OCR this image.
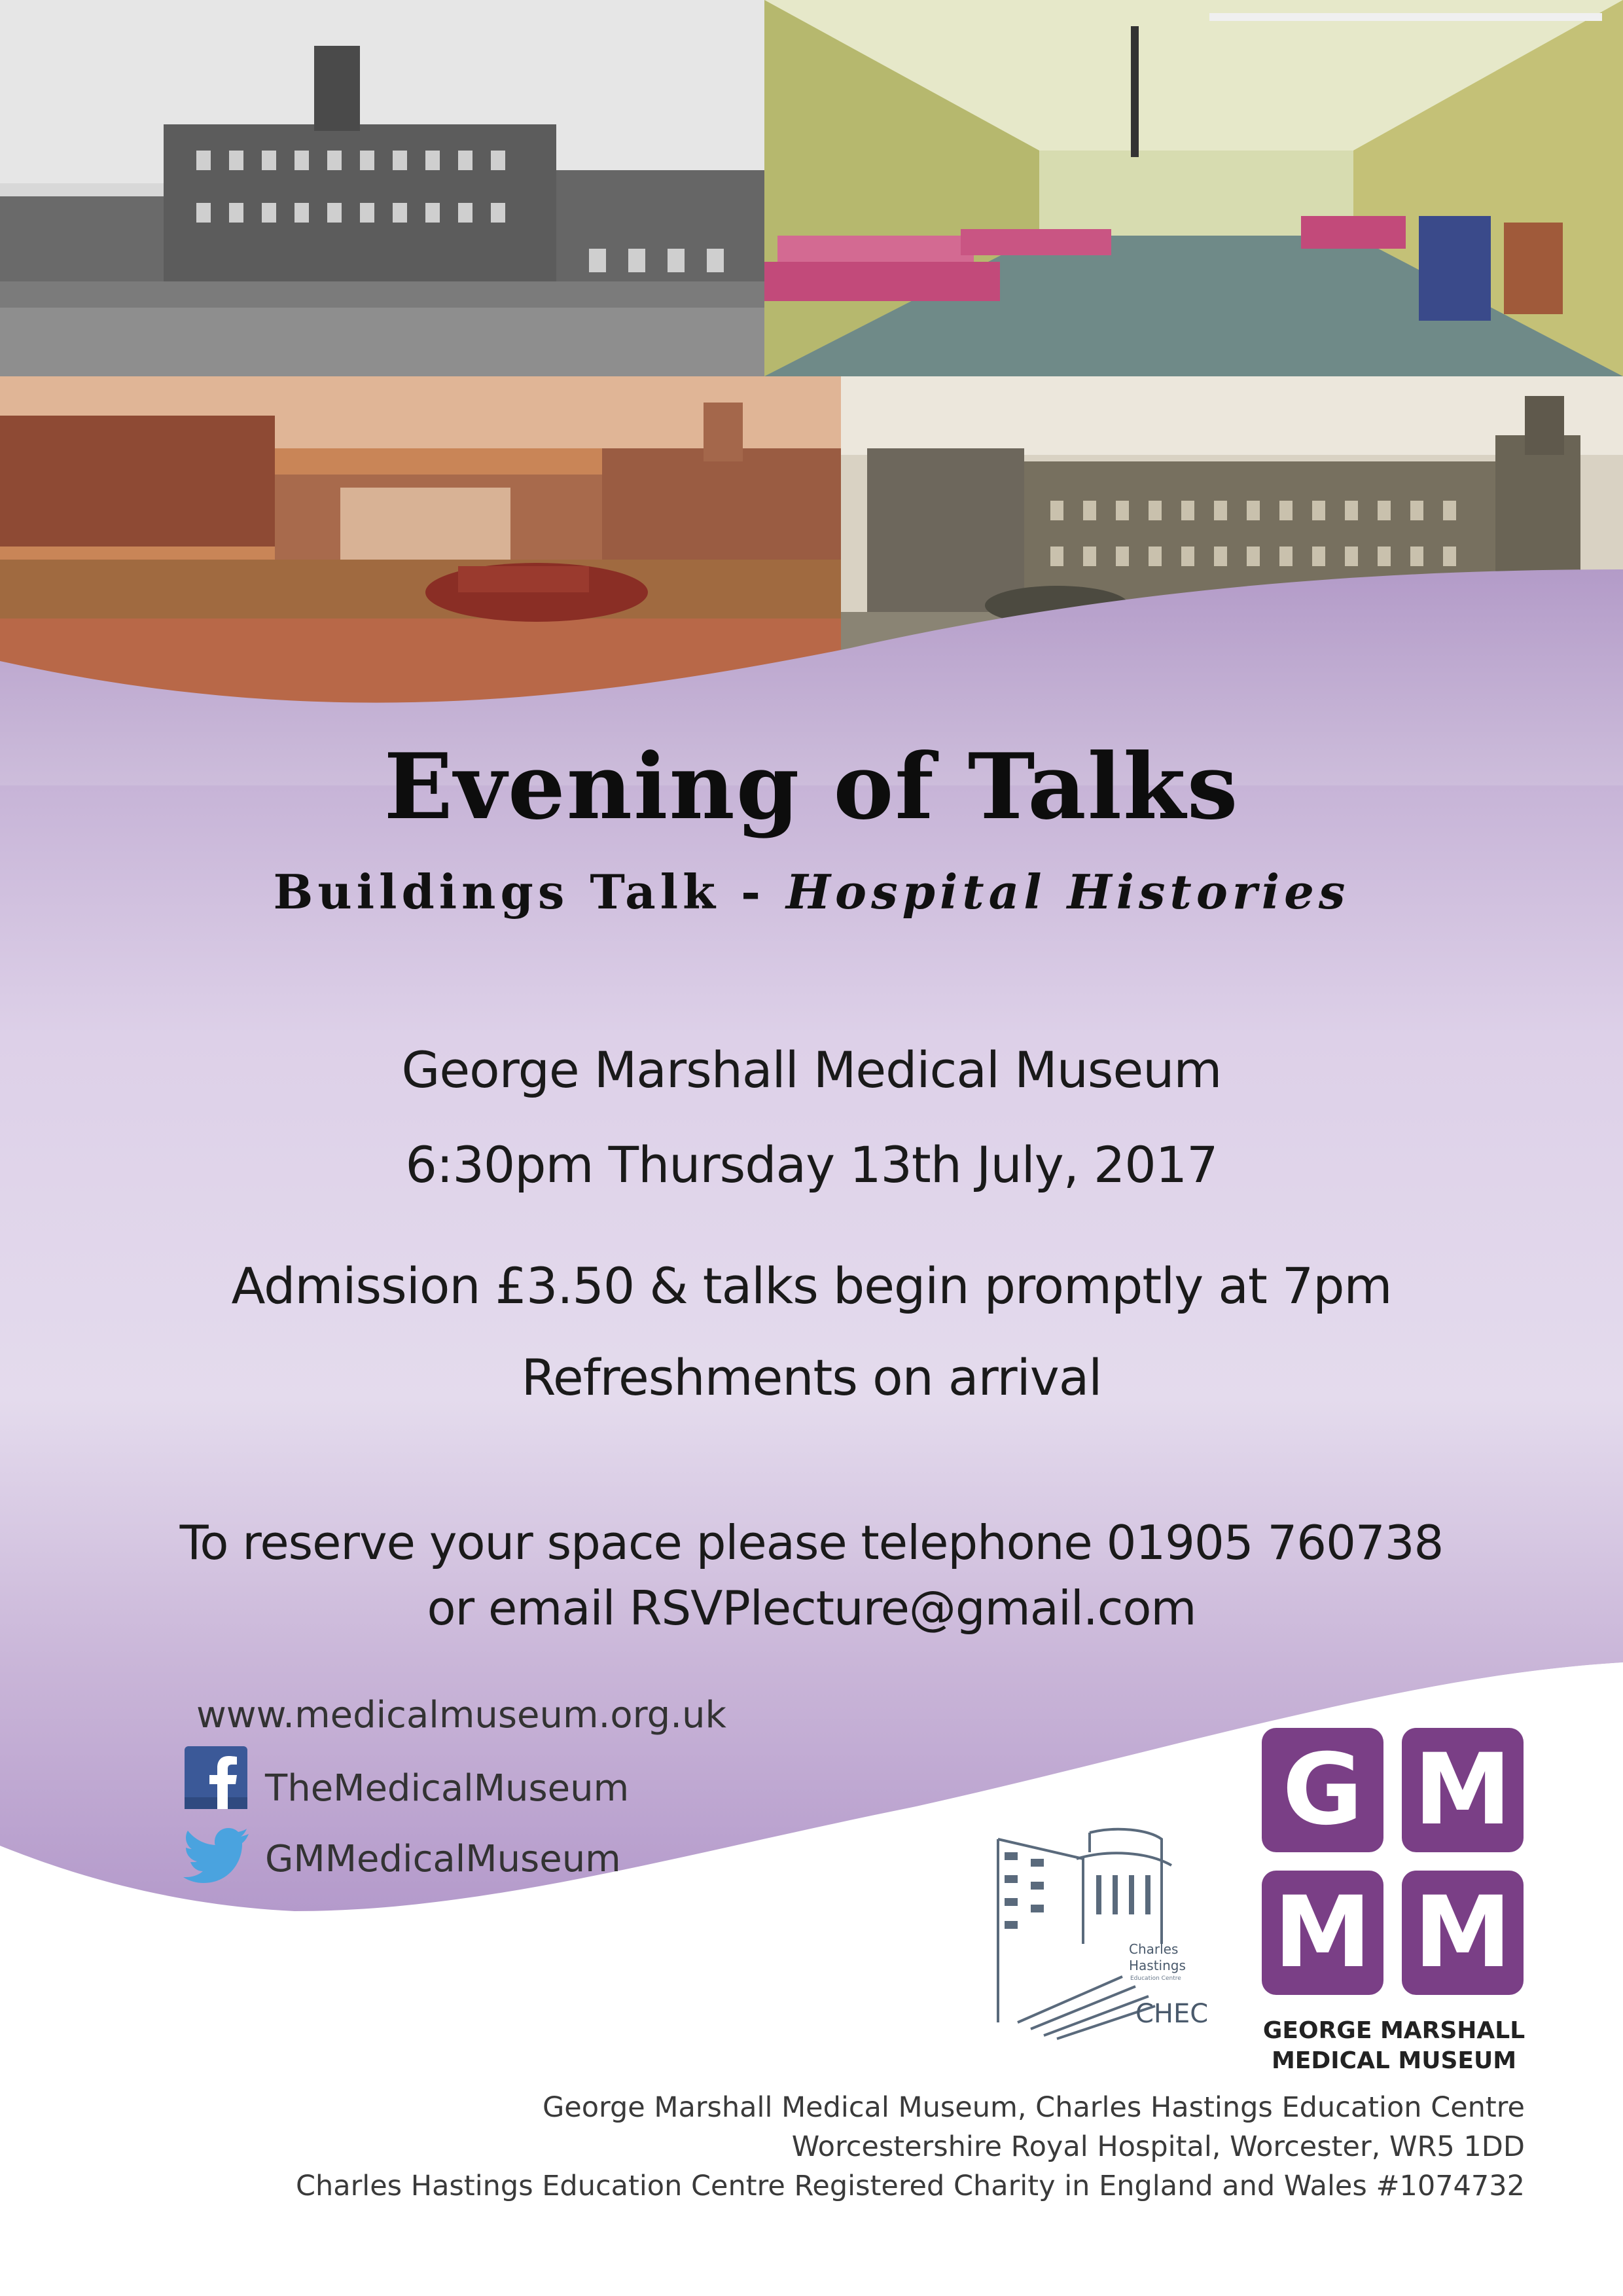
Evening of Talks
Buildings Talk - Hospital Histories
George Marshall Medical Museum
6:30pm Thursday 13th July, 2017
Admission £3.50 & talks begin promptly at 7pm
Refreshments on arrival
To reserve your space please telephone 01905 760738
or email RSVPlecture@gmail.com
www.medicalmuseum.org.uk
TheMedicalMuseum
GMMedicalMuseum
Charles
Hastings
Education Centre
CHEC
G M
M M
GEORGE MARSHALL
MEDICAL MUSEUM
George Marshall Medical Museum, Charles Hastings Education Centre
Worcestershire Royal Hospital, Worcester, WR5 1DD
Charles Hastings Education Centre Registered Charity in England and Wales #1074732
